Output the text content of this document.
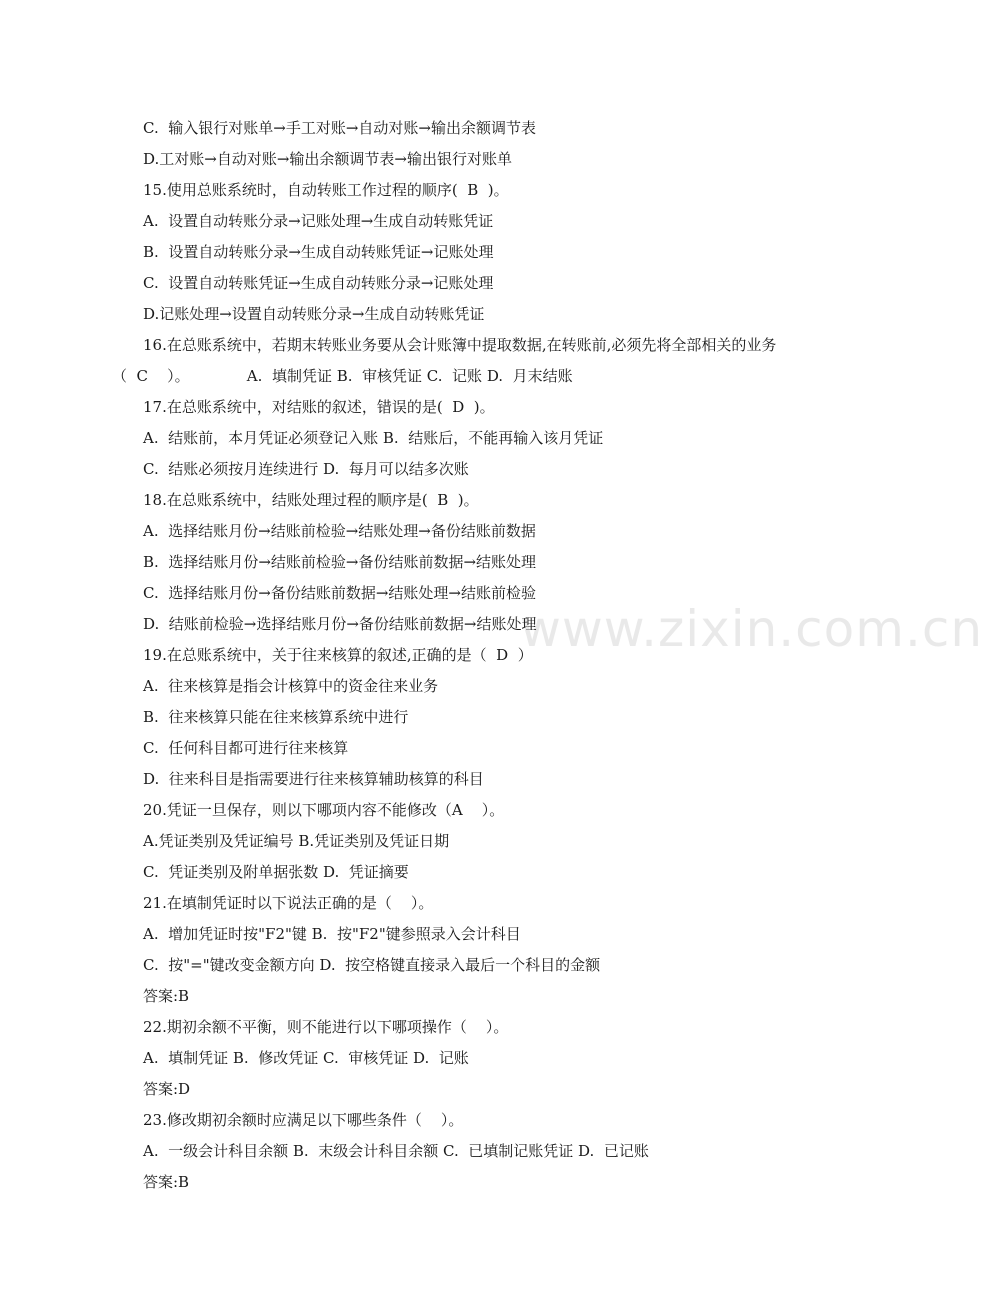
www.zixin.com.cn
C.  输入银行对账单→手工对账→自动对账→输出余额调节表
D.工对账→自动对账→输出余额调节表→输出银行对账单
15.使用总账系统时，自动转账工作过程的顺序(  B  )。
A.  设置自动转账分录→记账处理→生成自动转账凭证
B.  设置自动转账分录→生成自动转账凭证→记账处理
C.  设置自动转账凭证→生成自动转账分录→记账处理
D.记账处理→设置自动转账分录→生成自动转账凭证
16.在总账系统中，若期末转账业务要从会计账簿中提取数据,在转账前,必须先将全部相关的业务
（  C    ）。            A.  填制凭证 B.  审核凭证 C.  记账 D.  月末结账
17.在总账系统中，对结账的叙述，错误的是(  D  )。
A.  结账前，本月凭证必须登记入账 B.  结账后，不能再输入该月凭证
C.  结账必须按月连续进行 D.  每月可以结多次账
18.在总账系统中，结账处理过程的顺序是(  B  )。
A.  选择结账月份→结账前检验→结账处理→备份结账前数据
B.  选择结账月份→结账前检验→备份结账前数据→结账处理
C.  选择结账月份→备份结账前数据→结账处理→结账前检验
D.  结账前检验→选择结账月份→备份结账前数据→结账处理
19.在总账系统中，关于往来核算的叙述,正确的是（  D  ）
A.  往来核算是指会计核算中的资金往来业务
B.  往来核算只能在往来核算系统中进行
C.  任何科目都可进行往来核算
D.  往来科目是指需要进行往来核算辅助核算的科目
20.凭证一旦保存，则以下哪项内容不能修改（A    ）。
A.凭证类别及凭证编号 B.凭证类别及凭证日期
C.  凭证类别及附单据张数 D.  凭证摘要
21.在填制凭证时以下说法正确的是（    ）。
A.  增加凭证时按"F2"键 B.  按"F2"键参照录入会计科目
C.  按"="键改变金额方向 D.  按空格键直接录入最后一个科目的金额
答案:B
22.期初余额不平衡，则不能进行以下哪项操作（    ）。
A.  填制凭证 B.  修改凭证 C.  审核凭证 D.  记账
答案:D
23.修改期初余额时应满足以下哪些条件（    ）。
A.  一级会计科目余额 B.  末级会计科目余额 C.  已填制记账凭证 D.  已记账
答案:B
